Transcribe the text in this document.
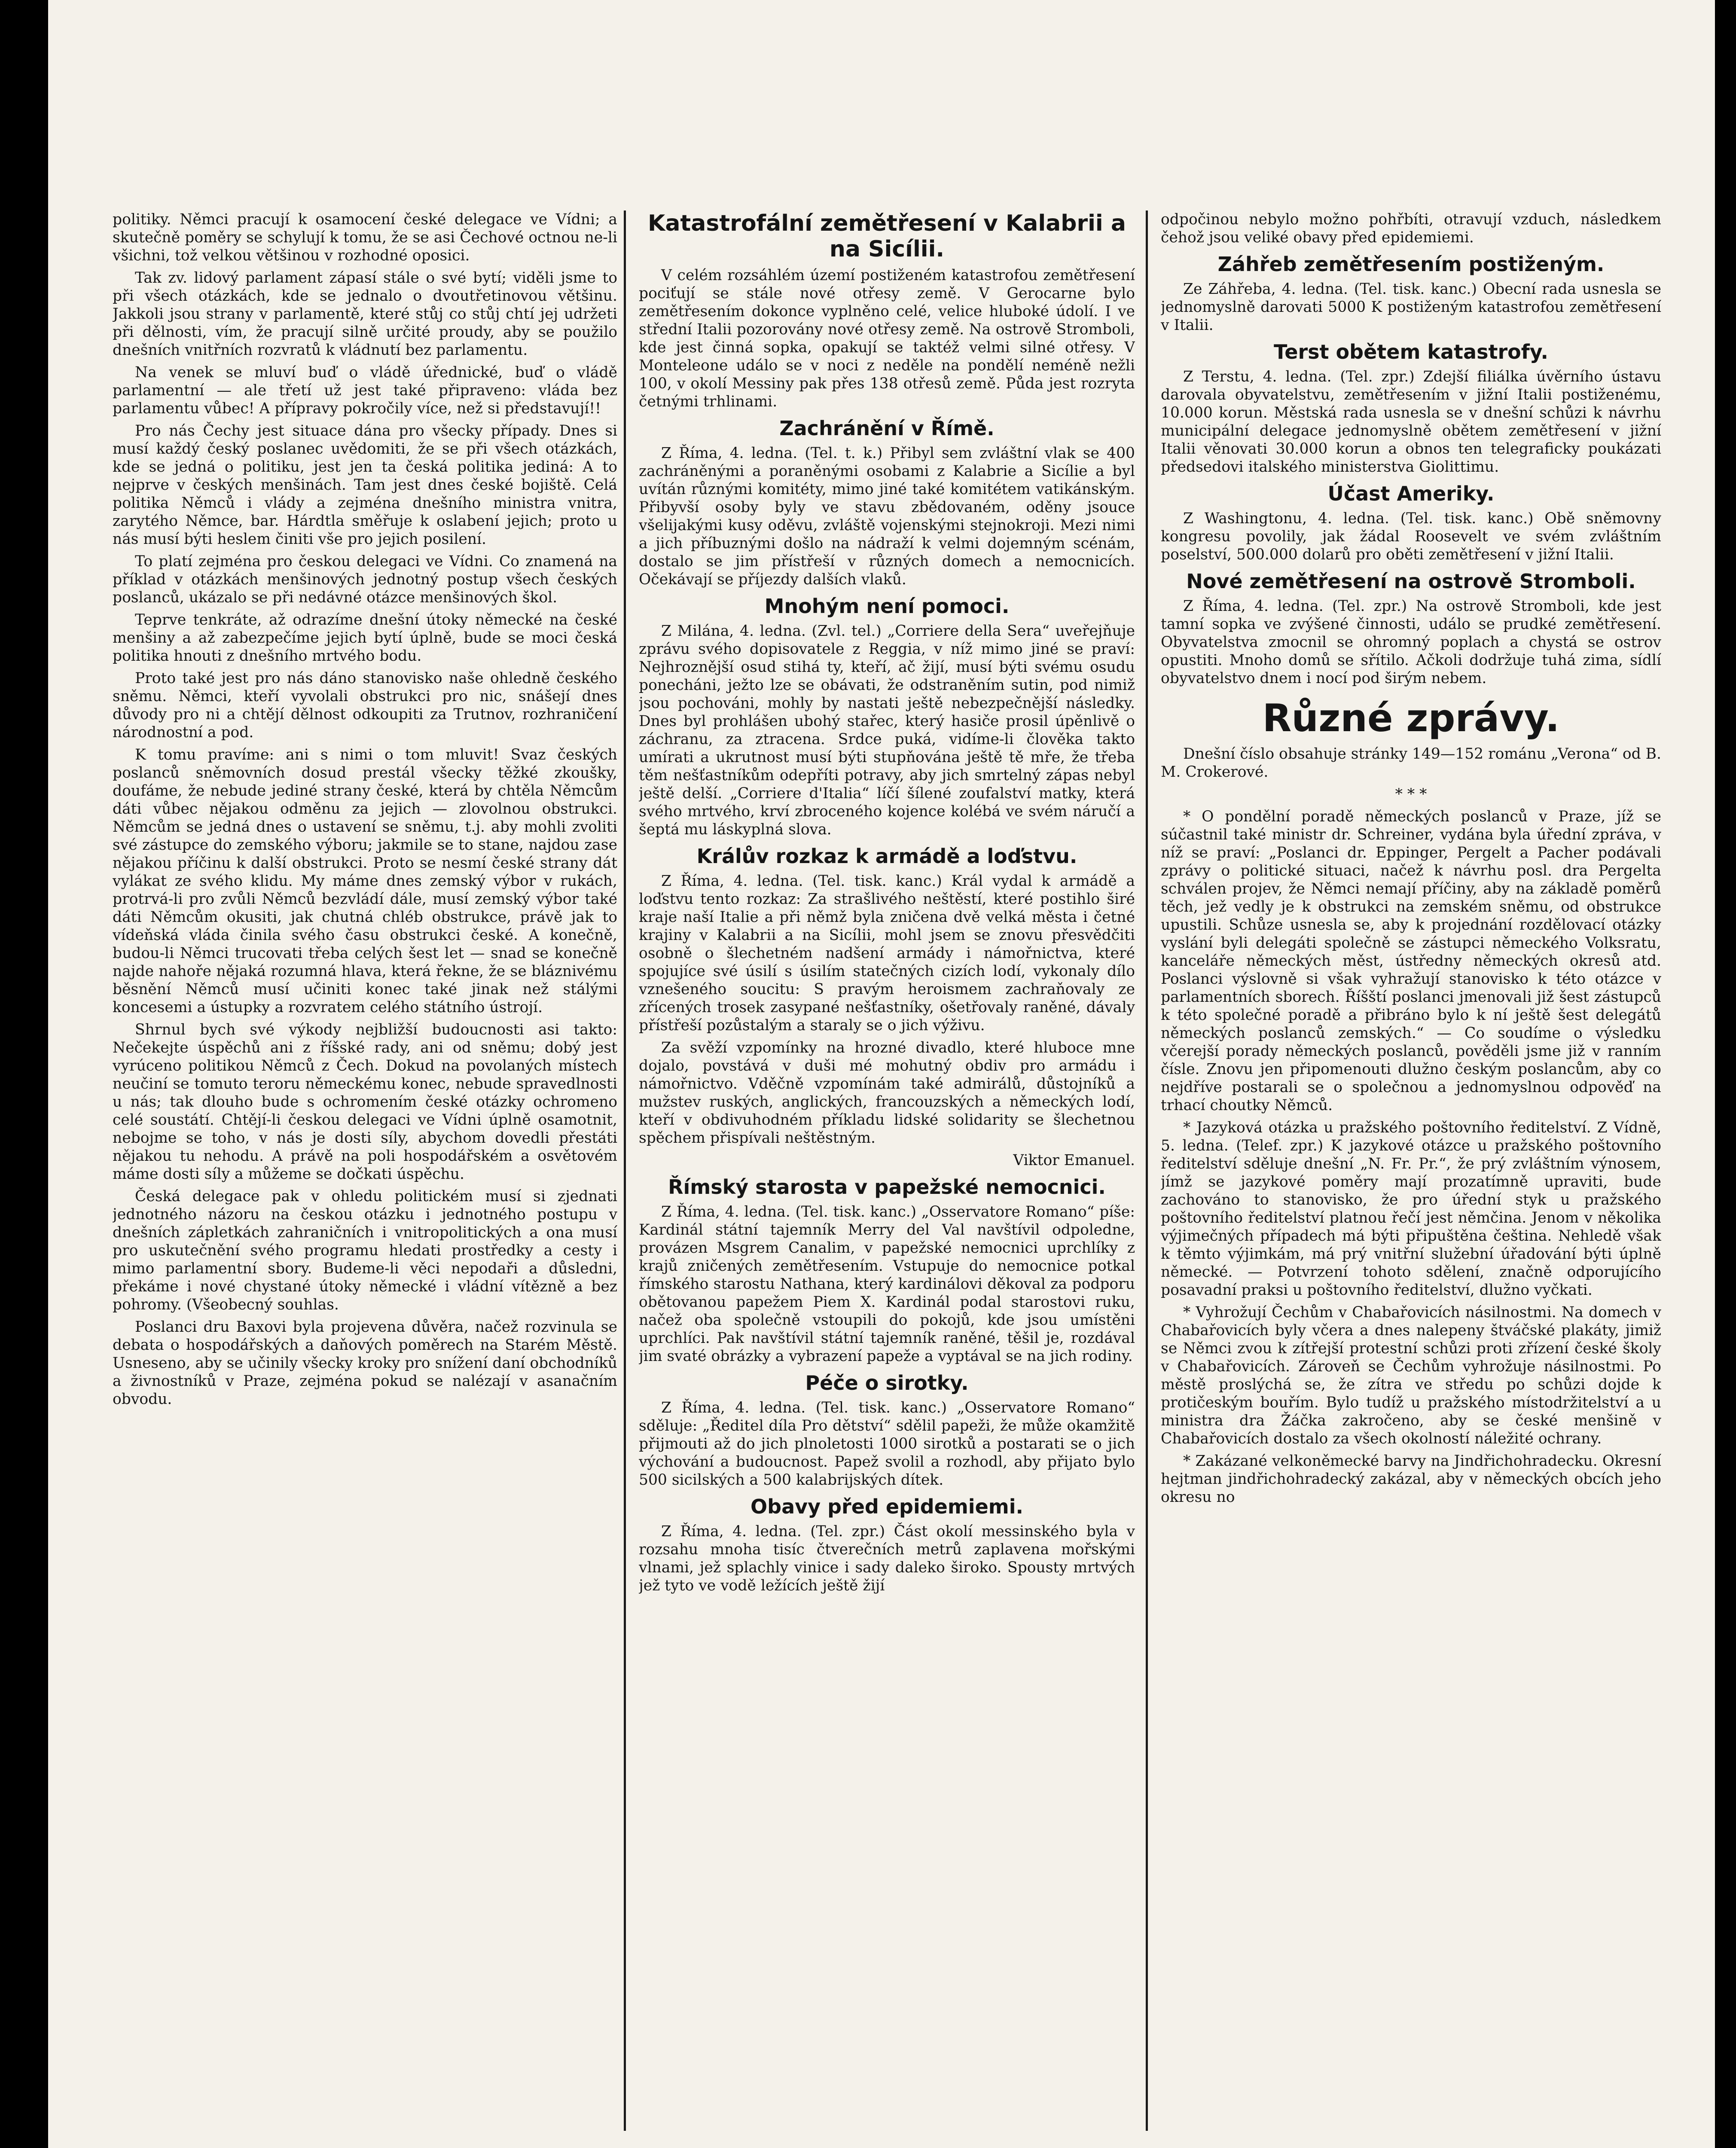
politiky. Němci pracují k osamocení české delegace ve Vídni; a skutečně poměry se schylují k tomu, že se asi Čechové octnou ne-li všichni, tož velkou většinou v rozhodné oposici.

Tak zv. lidový parlament zápasí stále o své bytí; viděli jsme to při všech otázkách, kde se jednalo o dvoutřetinovou většinu. Jakkoli jsou strany v parlamentě, které stůj co stůj chtí jej udržeti při dělnosti, vím, že pracují silně určité proudy, aby se použilo dnešních vnitřních rozvratů k vládnutí bez parlamentu.

Na venek se mluví buď o vládě úřednické, buď o vládě parlamentní — ale třetí už jest také připraveno: vláda bez parlamentu vůbec! A přípravy pokročily více, než si představují!!

Pro nás Čechy jest situace dána pro všecky případy. Dnes si musí každý český poslanec uvědomiti, že se při všech otázkách, kde se jedná o politiku, jest jen ta česká politika jediná: A to nejprve v českých menšinách. Tam jest dnes české bojiště. Celá politika Němců i vlády a zejména dnešního ministra vnitra, zarytého Němce, bar. Hárdtla směřuje k oslabení jejich; proto u nás musí býti heslem činiti vše pro jejich posilení.

To platí zejména pro českou delegaci ve Vídni. Co znamená na příklad v otázkách menšinových jednotný postup všech českých poslanců, ukázalo se při nedávné otázce menšinových škol.

Teprve tenkráte, až odrazíme dnešní útoky německé na české menšiny a až zabezpečíme jejich bytí úplně, bude se moci česká politika hnouti z dnešního mrtvého bodu.

Proto také jest pro nás dáno stanovisko naše ohledně českého sněmu. Němci, kteří vyvolali obstrukci pro nic, snášejí dnes důvody pro ni a chtějí dělnost odkoupiti za Trutnov, rozhraničení národnostní a pod.

K tomu pravíme: ani s nimi o tom mluvit! Svaz českých poslanců sněmovních dosud prestál všecky těžké zkoušky, doufáme, že nebude jediné strany české, která by chtěla Němcům dáti vůbec nějakou odměnu za jejich — zlovolnou obstrukci. Němcům se jedná dnes o ustavení se sněmu, t.j. aby mohli zvoliti své zástupce do zemského výboru; jakmile se to stane, najdou zase nějakou příčinu k další obstrukci. Proto se nesmí české strany dát vylákat ze svého klidu. My máme dnes zemský výbor v rukách, protrvá-li pro zvůli Němců bezvládí dále, musí zemský výbor také dáti Němcům okusiti, jak chutná chléb obstrukce, právě jak to vídeňská vláda činila svého času obstrukci české. A konečně, budou-li Němci trucovati třeba celých šest let — snad se konečně najde nahoře nějaká rozumná hlava, která řekne, že se bláznivému běsnění Němců musí učiniti konec také jinak než stálými koncesemi a ústupky a rozvratem celého státního ústrojí.

Shrnul bych své výkody nejbližší budoucnosti asi takto: Nečekejte úspěchů ani z říšské rady, ani od sněmu; dobý jest vyrúceno politikou Němců z Čech. Dokud na povolaných místech neučiní se tomuto teroru německému konec, nebude spravedlnosti u nás; tak dlouho bude s ochromením české otázky ochromeno celé soustátí. Chtějí-li českou delegaci ve Vídni úplně osamotnit, nebojme se toho, v nás je dosti síly, abychom dovedli přestáti nějakou tu nehodu. A právě na poli hospodářském a osvětovém máme dosti síly a můžeme se dočkati úspěchu.

Česká delegace pak v ohledu politickém musí si zjednati jednotného názoru na českou otázku i jednotného postupu v dnešních zápletkách zahraničních i vnitropolitických a ona musí pro uskutečnění svého programu hledati prostředky a cesty i mimo parlamentní sbory. Budeme-li věci nepodaři a důsledni, překáme i nové chystané útoky německé i vládní vítězně a bez pohromy. (Všeobecný souhlas.

Poslanci dru Baxovi byla projevena důvěra, načež rozvinula se debata o hospodářských a daňových poměrech na Starém Městě. Usneseno, aby se učinily všecky kroky pro snížení daní obchodníků a živnostníků v Praze, zejména pokud se nalézají v asanačním obvodu.

Katastrofální zemětřesení v Kalabrii a na Sicílii.

V celém rozsáhlém území postiženém katastrofou zemětřesení pociťují se stále nové otřesy země. V Gerocarne bylo zemětřesením dokonce vyplněno celé, velice hluboké údolí. I ve střední Italii pozorovány nové otřesy země. Na ostrově Stromboli, kde jest činná sopka, opakují se taktéž velmi silné otřesy. V Monteleone událo se v noci z neděle na pondělí neméně nežli 100, v okolí Messiny pak přes 138 otřesů země. Půda jest rozryta četnými trhlinami.

Zachránění v Římě.

Z Říma, 4. ledna. (Tel. t. k.) Přibyl sem zvláštní vlak se 400 zachráněnými a poraněnými osobami z Kalabrie a Sicílie a byl uvítán různými komitéty, mimo jiné také komitétem vatikánským. Přibyvší osoby byly ve stavu zbědovaném, oděny jsouce všelijakými kusy oděvu, zvláště vojenskými stejnokroji. Mezi nimi a jich příbuznými došlo na nádraží k velmi dojemným scénám, dostalo se jim přístřeší v různých domech a nemocnicích. Očekávají se příjezdy dalších vlaků.

Mnohým není pomoci.

Z Milána, 4. ledna. (Zvl. tel.) „Corriere della Sera“ uveřejňuje zprávu svého dopisovatele z Reggia, v níž mimo jiné se praví: Nejhroznější osud stihá ty, kteří, ač žijí, musí býti svému osudu ponecháni, ježto lze se obávati, že odstraněním sutin, pod nimiž jsou pochováni, mohly by nastati ještě nebezpečnější následky. Dnes byl prohlášen ubohý stařec, který hasiče prosil úpěnlivě o záchranu, za ztracena. Srdce puká, vidíme-li člověka takto umírati a ukrutnost musí býti stupňována ještě tě mře, že třeba těm nešťastníkům odepříti potravy, aby jich smrtelný zápas nebyl ještě delší. „Corriere d'Italia“ líčí šílené zoufalství matky, která svého mrtvého, krví zbroceného kojence kolébá ve svém náručí a šeptá mu láskyplná slova.

Králův rozkaz k armádě a loďstvu.

Z Říma, 4. ledna. (Tel. tisk. kanc.) Král vydal k armádě a loďstvu tento rozkaz: Za strašlivého neštěstí, které postihlo širé kraje naší Italie a při němž byla zničena dvě velká města i četné krajiny v Kalabrii a na Sicílii, mohl jsem se znovu přesvědčiti osobně o šlechetném nadšení armády i námořnictva, které spojujíce své úsilí s úsilím statečných cizích lodí, vykonaly dílo vznešeného soucitu: S pravým heroismem zachraňovaly ze zřícených trosek zasypané nešťastníky, ošetřovaly raněné, dávaly přístřeší pozůstalým a staraly se o jich výživu.

Za svěží vzpomínky na hrozné divadlo, které hluboce mne dojalo, povstává v duši mé mohutný obdiv pro armádu i námořnictvo. Vděčně vzpomínám také admirálů, důstojníků a mužstev ruských, anglických, francouzských a německých lodí, kteří v obdivuhodném příkladu lidské solidarity se šlechetnou spěchem přispívali neštěstným.

Viktor Emanuel.

Římský starosta v papežské nemocnici.

Z Říma, 4. ledna. (Tel. tisk. kanc.) „Osservatore Romano“ píše: Kardinál státní tajemník Merry del Val navštívil odpoledne, provázen Msgrem Canalim, v papežské nemocnici uprchlíky z krajů zničených zemětřesením. Vstupuje do nemocnice potkal římského starostu Nathana, který kardinálovi děkoval za podporu obětovanou papežem Piem X. Kardinál podal starostovi ruku, načež oba společně vstoupili do pokojů, kde jsou umístěni uprchlíci. Pak navštívil státní tajemník raněné, těšil je, rozdával jim svaté obrázky a vybrazení papeže a vyptával se na jich rodiny.

Péče o sirotky.

Z Říma, 4. ledna. (Tel. tisk. kanc.) „Osservatore Romano“ sděluje: „Ředitel díla Pro dětství“ sdělil papeži, že může okamžitě přijmouti až do jich plnoletosti 1000 sirotků a postarati se o jich výchování a budoucnost. Papež svolil a rozhodl, aby přijato bylo 500 sicilských a 500 kalabrijských dítek.

Obavy před epidemiemi.

Z Říma, 4. ledna. (Tel. zpr.) Část okolí messinského byla v rozsahu mnoha tisíc čtverečních metrů zaplavena mořskými vlnami, jež splachly vinice i sady daleko široko. Spousty mrtvých jež tyto ve vodě ležících ještě žijí

odpočinou nebylo možno pohřbíti, otravují vzduch, následkem čehož jsou veliké obavy před epidemiemi.

Záhřeb zemětřesením postiženým.

Ze Záhřeba, 4. ledna. (Tel. tisk. kanc.) Obecní rada usnesla se jednomyslně darovati 5000 K postiženým katastrofou zemětřesení v Italii.

Terst obětem katastrofy.

Z Terstu, 4. ledna. (Tel. zpr.) Zdejší filiálka úvěrního ústavu darovala obyvatelstvu, zemětřesením v jižní Italii postiženému, 10.000 korun. Městská rada usnesla se v dnešní schůzi k návrhu municipální delegace jednomyslně obětem zemětřesení v jižní Italii věnovati 30.000 korun a obnos ten telegraficky poukázati předsedovi italského ministerstva Giolittimu.

Účast Ameriky.

Z Washingtonu, 4. ledna. (Tel. tisk. kanc.) Obě sněmovny kongresu povolily, jak žádal Roosevelt ve svém zvláštním poselství, 500.000 dolarů pro oběti zemětřesení v jižní Italii.

Nové zemětřesení na ostrově Stromboli.

Z Říma, 4. ledna. (Tel. zpr.) Na ostrově Stromboli, kde jest tamní sopka ve zvýšené činnosti, událo se prudké zemětřesení. Obyvatelstva zmocnil se ohromný poplach a chystá se ostrov opustiti. Mnoho domů se sřítilo. Ačkoli dodržuje tuhá zima, sídlí obyvatelstvo dnem i nocí pod širým nebem.

Různé zprávy.

Dnešní číslo obsahuje stránky 149—152 románu „Verona“ od B. M. Crokerové.

* * *

* O pondělní poradě německých poslanců v Praze, jíž se súčastnil také ministr dr. Schreiner, vydána byla úřední zpráva, v níž se praví: „Poslanci dr. Eppinger, Pergelt a Pacher podávali zprávy o politické situaci, načež k návrhu posl. dra Pergelta schválen projev, že Němci nemají příčiny, aby na základě poměrů těch, jež vedly je k obstrukci na zemském sněmu, od obstrukce upustili. Schůze usnesla se, aby k projednání rozdělovací otázky vyslání byli delegáti společně se zástupci německého Volksratu, kanceláře německých měst, ústředny německých okresů atd. Poslanci výslovně si však vyhražují stanovisko k této otázce v parlamentních sborech. Říšští poslanci jmenovali již šest zástupců k této společné poradě a přibráno bylo k ní ještě šest delegátů německých poslanců zemských.“ — Co soudíme o výsledku včerejší porady německých poslanců, pověděli jsme již v ranním čísle. Znovu jen připomenouti dlužno českým poslancům, aby co nejdříve postarali se o společnou a jednomyslnou odpověď na trhací choutky Němců.

* Jazyková otázka u pražského poštovního ředitelství. Z Vídně, 5. ledna. (Telef. zpr.) K jazykové otázce u pražského poštovního ředitelství sděluje dnešní „N. Fr. Pr.“, že prý zvláštním výnosem, jímž se jazykové poměry mají prozatímně upraviti, bude zachováno to stanovisko, že pro úřední styk u pražského poštovního ředitelství platnou řečí jest němčina. Jenom v několika výjimečných případech má býti připuštěna čeština. Nehledě však k těmto výjimkám, má prý vnitřní služební úřadování býti úplně německé. — Potvrzení tohoto sdělení, značně odporujícího posavadní praksi u poštovního ředitelství, dlužno vyčkati.

* Vyhrožují Čechům v Chabařovicích násilnostmi. Na domech v Chabařovicích byly včera a dnes nalepeny štváčské plakáty, jimiž se Němci zvou k zítřejší protestní schůzi proti zřízení české školy v Chabařovicích. Zároveň se Čechům vyhrožuje násilnostmi. Po městě proslýchá se, že zítra ve středu po schůzi dojde k protičeským bouřím. Bylo tudíž u pražského místodržitelství a u ministra dra Žáčka zakročeno, aby se české menšině v Chabařovicích dostalo za všech okolností náležité ochrany.

* Zakázané velkoněmecké barvy na Jindřichohradecku. Okresní hejtman jindřichohradecký zakázal, aby v německých obcích jeho okresu no
